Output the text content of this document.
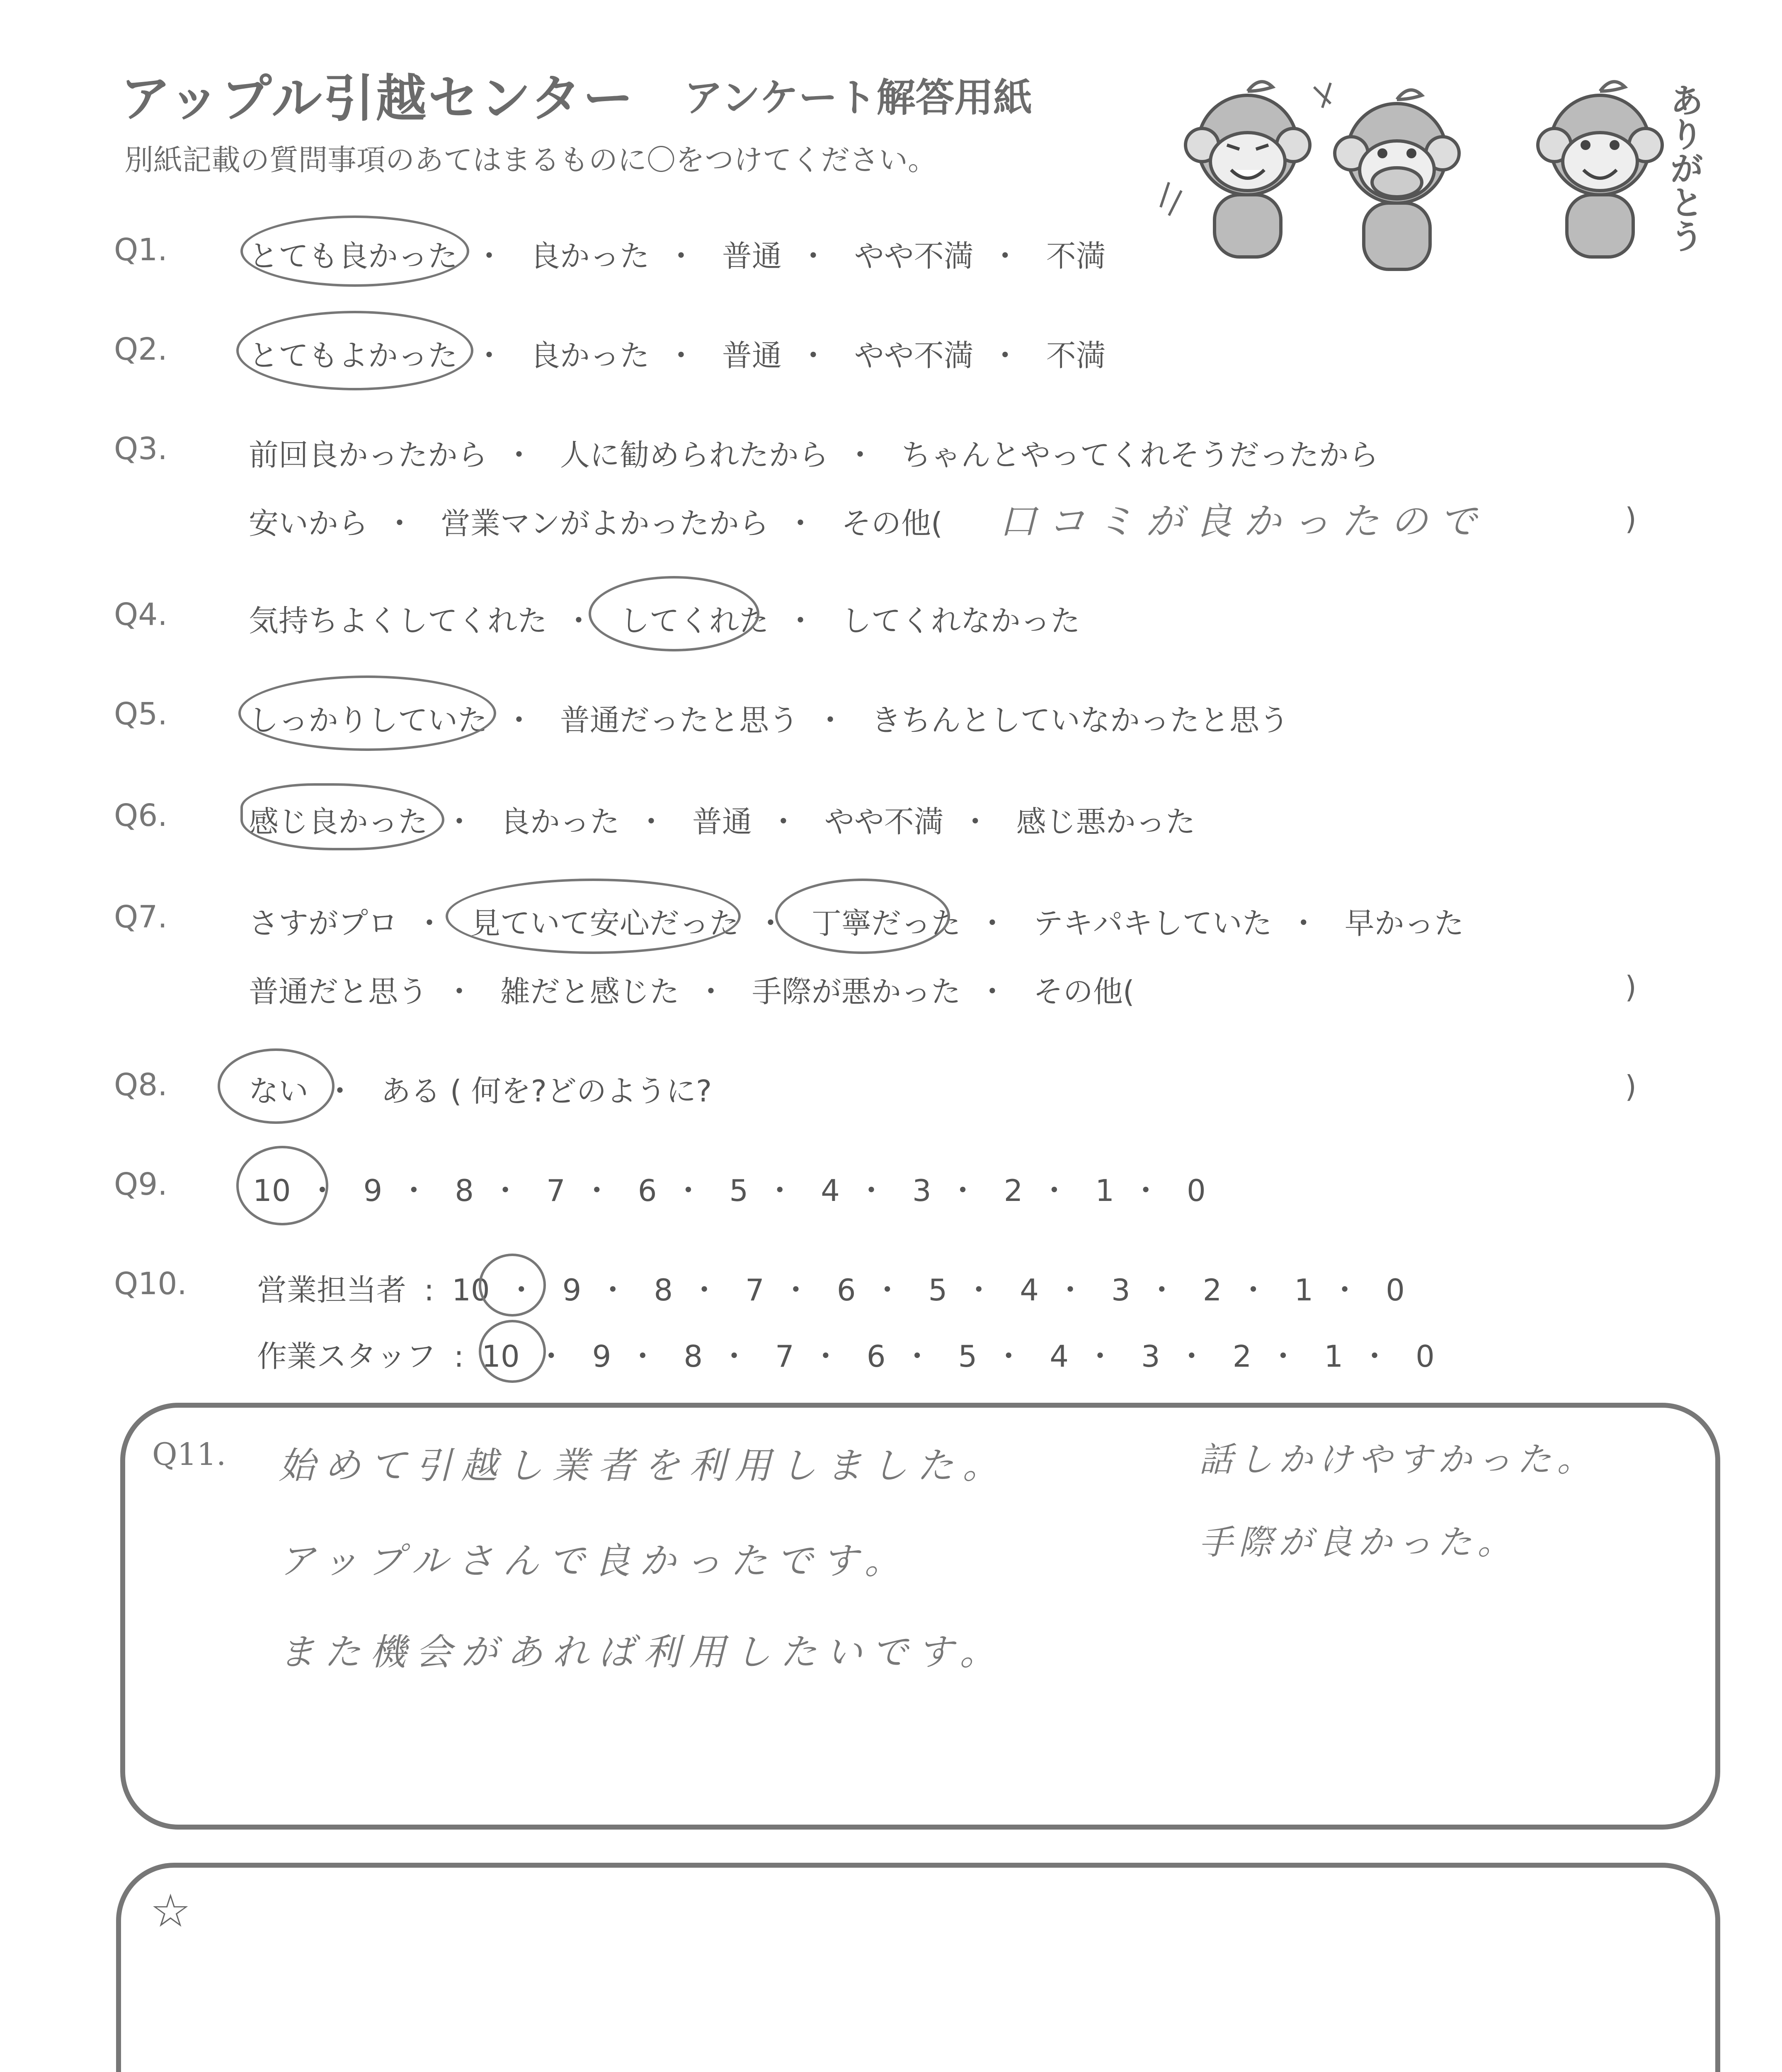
アップル引越センター アンケート解答用紙
別紙記載の質問事項のあてはまるものに〇をつけてください。	ありがとう
Q1.	とても良かった ・ 良かった ・ 普通 ・ やや不満 ・ 不満
Q2.	とてもよかった ・ 良かった ・ 普通 ・ やや不満 ・ 不満
Q3.	前回良かったから ・ 人に勧められたから ・ ちゃんとやってくれそうだったから
安いから ・ 営業マンがよかったから ・ その他( 口コミが良かったので	)
Q4.	気持ちよくしてくれた ・ してくれた ・ してくれなかった
Q5.	しっかりしていた ・ 普通だったと思う ・ きちんとしていなかったと思う
Q6.	感じ良かった ・ 良かった ・ 普通 ・ やや不満 ・ 感じ悪かった
Q7.	さすがプロ ・ 見ていて安心だった ・ 丁寧だった ・ テキパキしていた ・ 早かった
普通だと思う ・ 雑だと感じた ・ 手際が悪かった ・ その他(	)
Q8.	ない ・ ある ( 何を?どのように?	)
Q9.	10 ・ 9 ・ 8 ・ 7 ・ 6 ・ 5 ・ 4 ・ 3 ・ 2 ・ 1 ・ 0
Q10. 営業担当者 : 10 ・ 9 ・ 8 ・ 7 ・ 6 ・ 5 ・ 4 ・ 3 ・ 2 ・ 1 ・ 0
作業スタッフ : 10 ・ 9 ・ 8 ・ 7 ・ 6 ・ 5 ・ 4 ・ 3 ・ 2 ・ 1 ・ 0
Q11. 始めて引越し業者を利用しました。
アップルさんで良かったです。
また機会があれば利用したいです。
話しかけやすかった。
手際が良かった。
☆
